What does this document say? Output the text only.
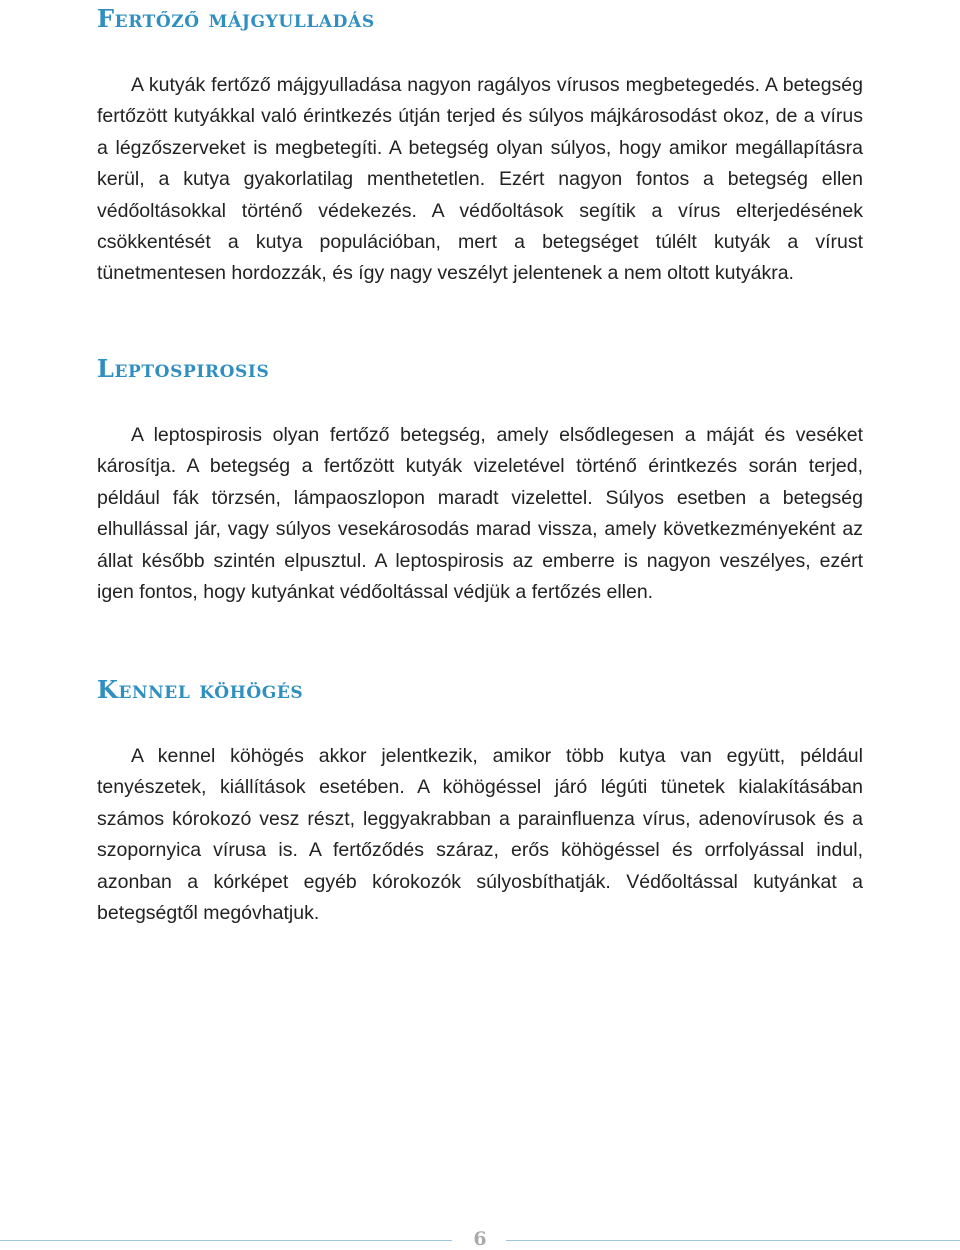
Fertőző májgyulladás

A kutyák fertőző májgyulladása nagyon ragályos vírusos megbetegedés. A betegség fertőzött kutyákkal való érintkezés útján terjed és súlyos májkárosodást okoz, de a vírus a légzőszerveket is megbetegíti. A betegség olyan súlyos, hogy amikor megállapításra kerül, a kutya gyakorlatilag menthetetlen. Ezért nagyon fontos a betegség ellen védőoltásokkal történő védekezés. A védőoltások segítik a vírus elterjedésének csökkentését a kutya populációban, mert a betegséget túlélt kutyák a vírust tünetmentesen hordozzák, és így nagy veszélyt jelentenek a nem oltott kutyákra.

Leptospirosis

A leptospirosis olyan fertőző betegség, amely elsődlegesen a máját és veséket károsítja. A betegség a fertőzött kutyák vizeletével történő érintkezés során terjed, például fák törzsén, lámpaoszlopon maradt vizelettel. Súlyos esetben a betegség elhullással jár, vagy súlyos vesekárosodás marad vissza, amely következményeként az állat később szintén elpusztul. A leptospirosis az emberre is nagyon veszélyes, ezért igen fontos, hogy kutyánkat védőoltással védjük a fertőzés ellen.

Kennel köhögés

A kennel köhögés akkor jelentkezik, amikor több kutya van együtt, például tenyészetek, kiállítások esetében. A köhögéssel járó légúti tünetek kialakításában számos kórokozó vesz részt, leggyakrabban a parainfluenza vírus, adenovírusok és a szopornyica vírusa is. A fertőződés száraz, erős köhögéssel és orrfolyással indul, azonban a kórképet egyéb kórokozók súlyosbíthatják. Védőoltással kutyánkat a betegségtől megóvhatjuk.

6
